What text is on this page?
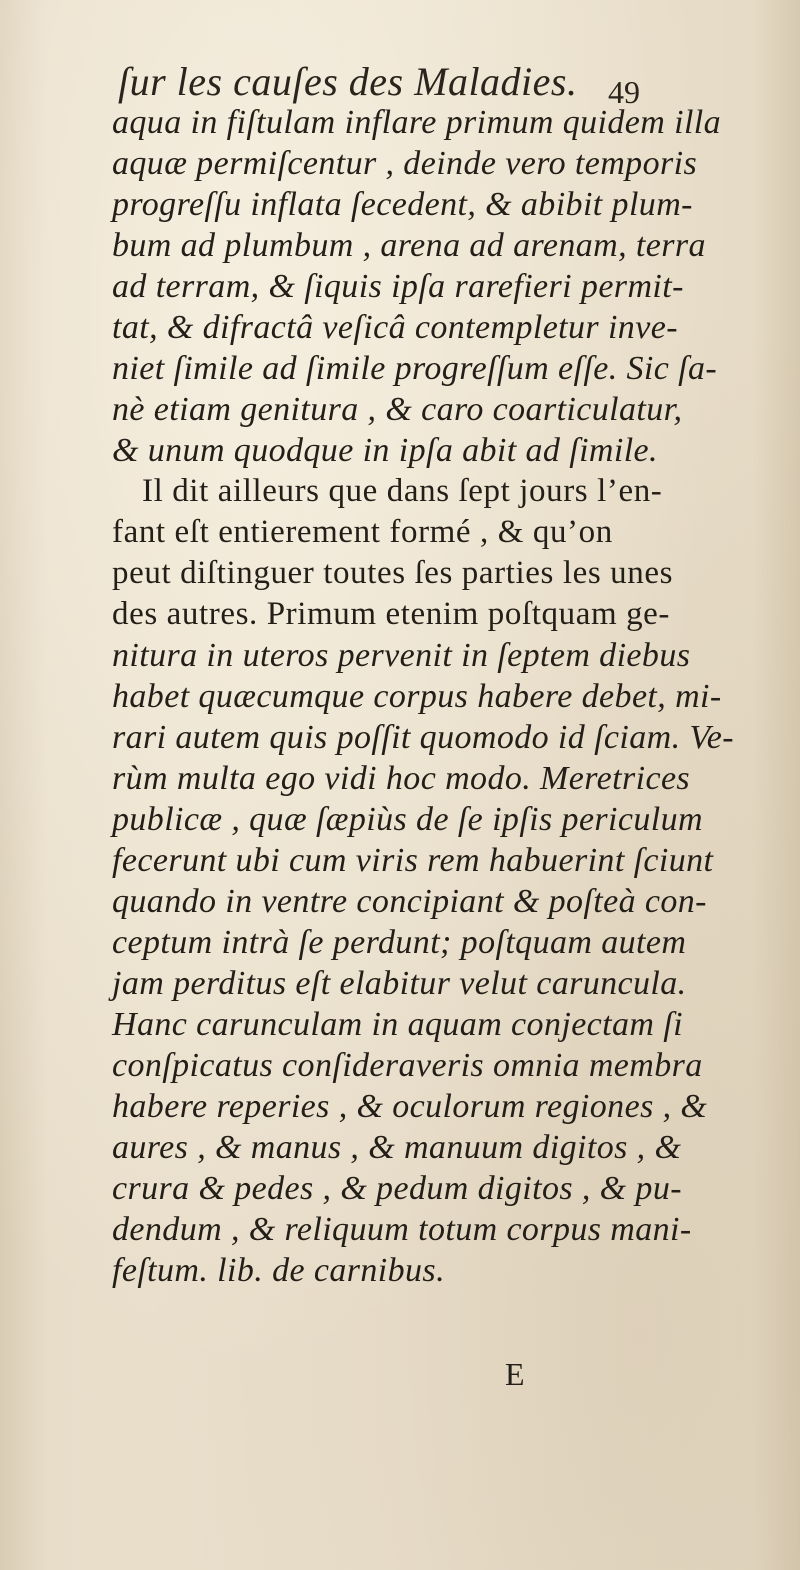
ſur les cauſes des Maladies. 49
aqua in fiſtulam inflare primum quidem illa
aquæ permiſcentur , deinde vero temporis
progreſſu inflata ſecedent, & abibit plum-
bum ad plumbum , arena ad arenam, terra
ad terram, & ſiquis ipſa rarefieri permit-
tat, & difractâ veſicâ contempletur inve-
niet ſimile ad ſimile progreſſum eſſe. Sic ſa-
nè etiam genitura , & caro coarticulatur,
& unum quodque in ipſa abit ad ſimile.
Il dit ailleurs que dans ſept jours l’en-
fant eſt entierement formé , & qu’on
peut diſtinguer toutes ſes parties les unes
des autres. Primum etenim poſtquam ge-
nitura in uteros pervenit in ſeptem diebus
habet quæcumque corpus habere debet, mi-
rari autem quis poſſit quomodo id ſciam. Ve-
rùm multa ego vidi hoc modo. Meretrices
publicæ , quæ ſæpiùs de ſe ipſis periculum
fecerunt ubi cum viris rem habuerint ſciunt
quando in ventre concipiant & poſteà con-
ceptum intrà ſe perdunt; poſtquam autem
jam perditus eſt elabitur velut caruncula.
Hanc carunculam in aquam conjectam ſi
conſpicatus conſideraveris omnia membra
habere reperies , & oculorum regiones , &
aures , & manus , & manuum digitos , &
crura & pedes , & pedum digitos , & pu-
dendum , & reliquum totum corpus mani-
feſtum. lib. de carnibus.
E
